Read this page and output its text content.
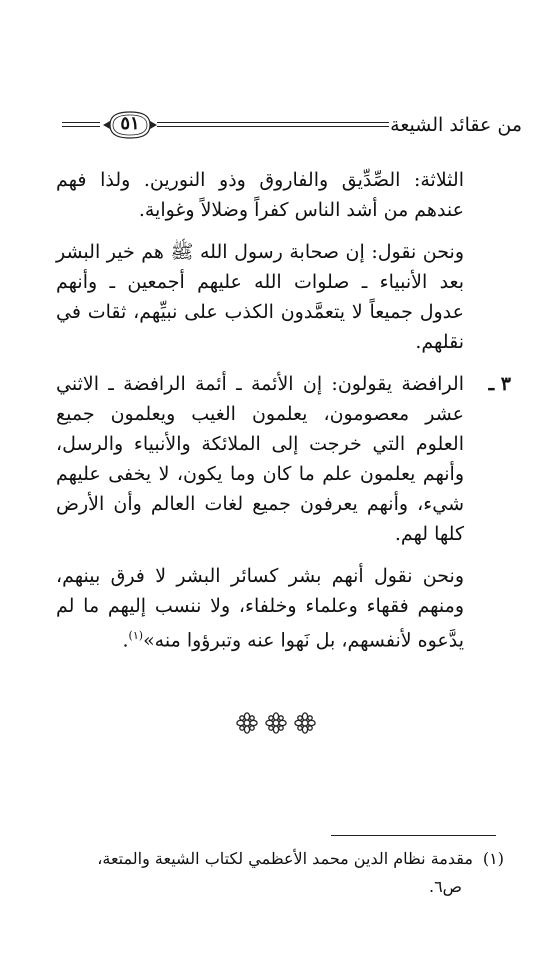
من عقائد الشيعة
٥١

الثلاثة: الصِّدِّيق والفاروق وذو النورين. ولذا فهم عندهم من أشد الناس كفراً وضلالاً وغواية.

ونحن نقول: إن صحابة رسول الله ﷺ هم خير البشر بعد الأنبياء ـ صلوات الله عليهم أجمعين ـ وأنهم عدول جميعاً لا يتعمَّدون الكذب على نبيِّهم، ثقات في نقلهم.

٣ ـ
الرافضة يقولون: إن الأئمة ـ أئمة الرافضة ـ الاثني عشر معصومون، يعلمون الغيب ويعلمون جميع العلوم التي خرجت إلى الملائكة والأنبياء والرسل، وأنهم يعلمون علم ما كان وما يكون، لا يخفى عليهم شيء، وأنهم يعرفون جميع لغات العالم وأن الأرض كلها لهم.

ونحن نقول أنهم بشر كسائر البشر لا فرق بينهم، ومنهم فقهاء وعلماء وخلفاء، ولا ننسب إليهم ما لم يدَّعوه لأنفسهم، بل نَهوا عنه وتبرؤوا منه»$^{(١)}$.

(١)مقدمة نظام الدين محمد الأعظمي لكتاب الشيعة والمتعة،
ص٦.
